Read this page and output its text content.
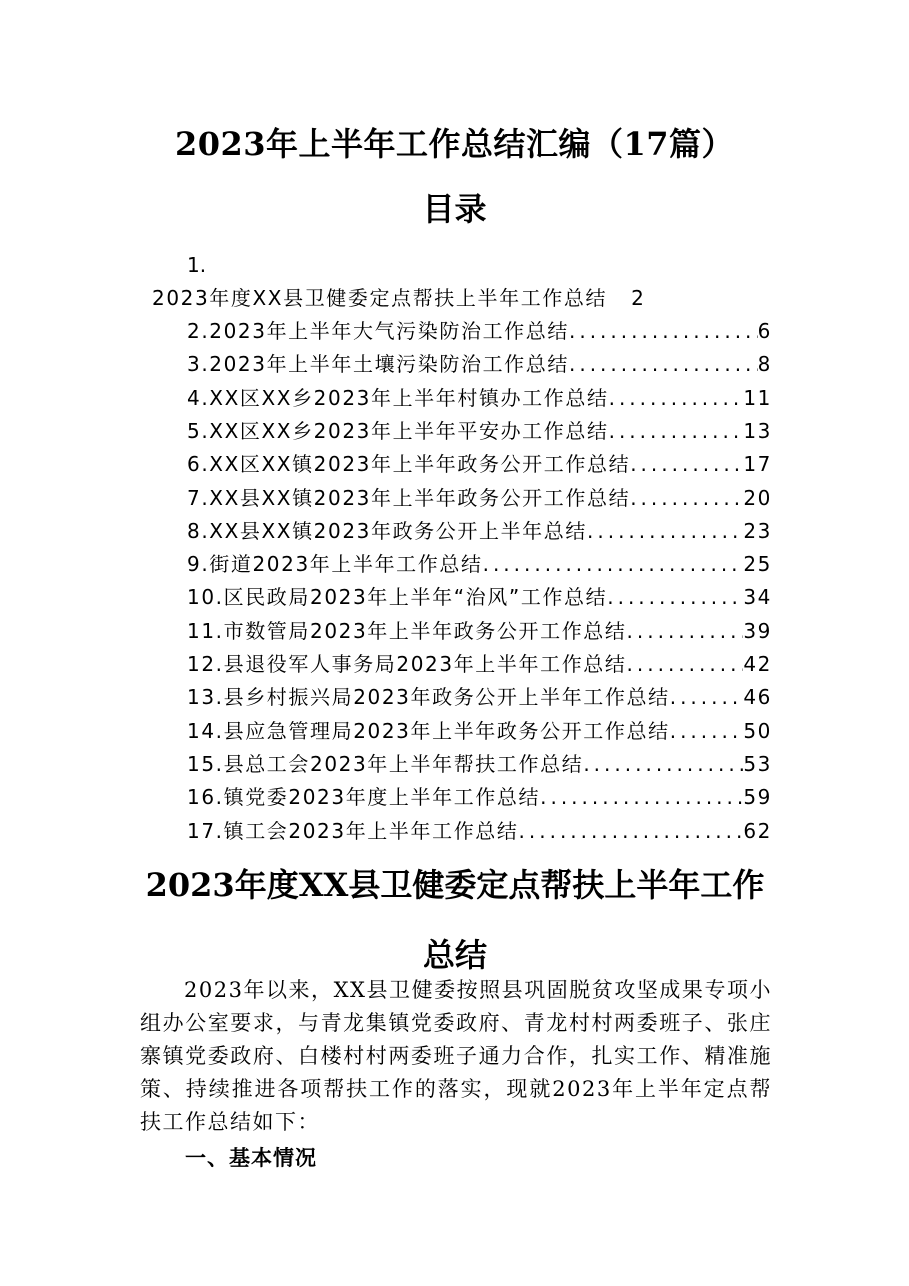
2023年上半年工作总结汇编（17篇）
目录
1.
2023年度XX县卫健委定点帮扶上半年工作总结 2
2.2023年上半年大气污染防治工作总结 .....	6
3.2023年上半年土壤污染防治工作总结 .....	8
4.XX区XX乡2023年上半年村镇办工作总结 .....	11
5.XX区XX乡2023年上半年平安办工作总结 .....	13
6.XX区XX镇2023年上半年政务公开工作总结 .....	17
7.XX县XX镇2023年上半年政务公开工作总结 .....	20
8.XX县XX镇2023年政务公开上半年总结 .....	23
9.街道2023年上半年工作总结 .....	25
10.区民政局2023年上半年“治风”工作总结 .....	34
11.市数管局2023年上半年政务公开工作总结 .....	39
12.县退役军人事务局2023年上半年工作总结 .....	42
13.县乡村振兴局2023年政务公开上半年工作总结 .....	46
14.县应急管理局2023年上半年政务公开工作总结 .....	50
15.县总工会2023年上半年帮扶工作总结 .....	53
16.镇党委2023年度上半年工作总结 .....	59
17.镇工会2023年上半年工作总结 .....	62
2023年度XX县卫健委定点帮扶上半年工作总结
2023年以来，XX县卫健委按照县巩固脱贫攻坚成果专项小组办公室要求，与青龙集镇党委政府、青龙村村两委班子、张庄寨镇党委政府、白楼村村两委班子通力合作，扎实工作、精准施策、持续推进各项帮扶工作的落实，现就2023年上半年定点帮扶工作总结如下：
一、基本情况
